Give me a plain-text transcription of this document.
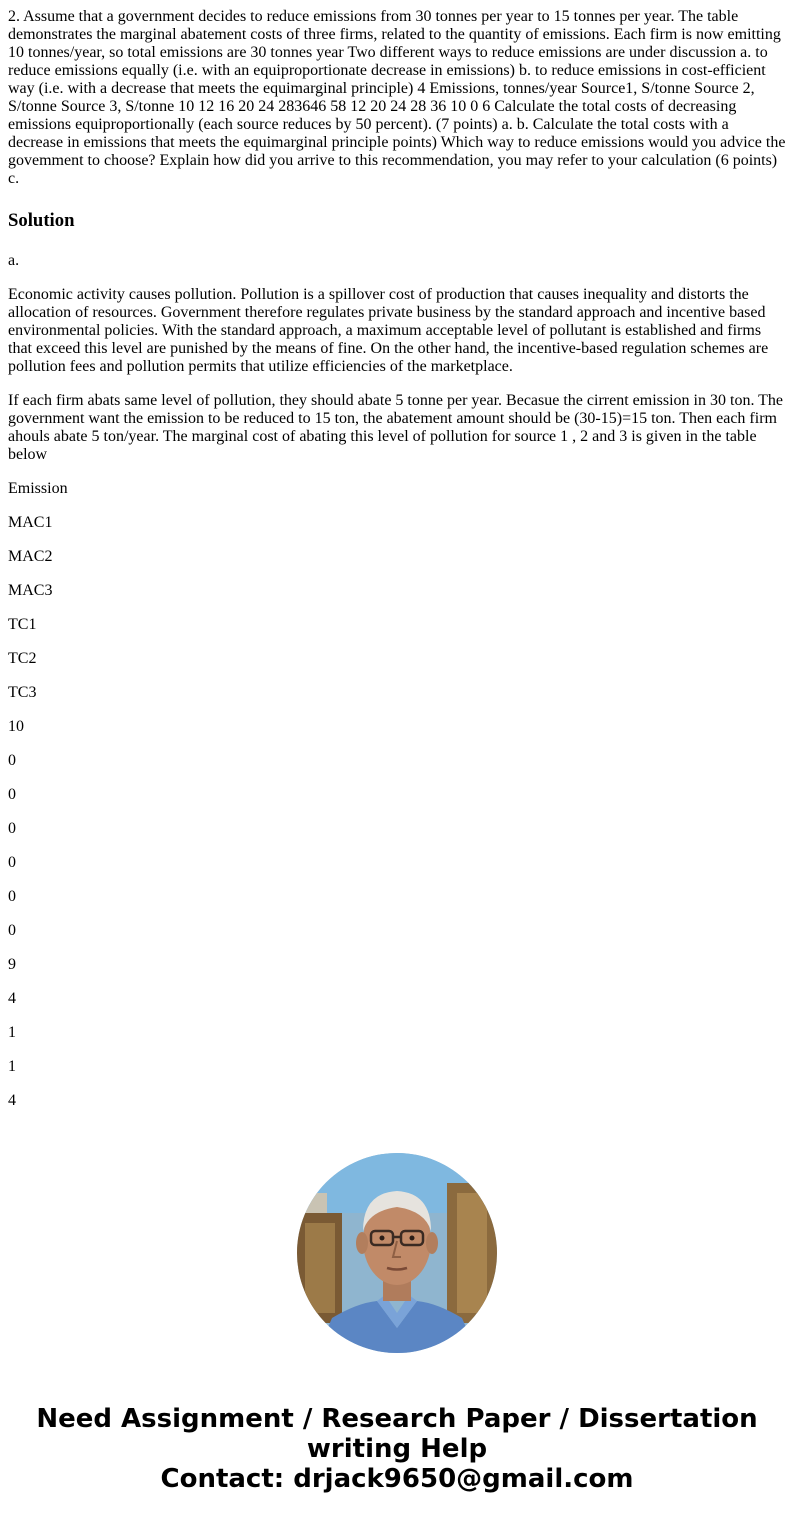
2. Assume that a government decides to reduce emissions from 30 tonnes per year to 15 tonnes per year. The table demonstrates the marginal abatement costs of three firms, related to the quantity of emissions. Each firm is now emitting 10 tonnes/year, so total emissions are 30 tonnes year Two different ways to reduce emissions are under discussion a. to reduce emissions equally (i.e. with an equiproportionate decrease in emissions) b. to reduce emissions in cost-efficient way (i.e. with a decrease that meets the equimarginal principle) 4 Emissions, tonnes/year Source1, S/tonne Source 2, S/tonne Source 3, S/tonne 10 12 16 20 24 283646 58 12 20 24 28 36 10 0 6 Calculate the total costs of decreasing emissions equiproportionally (each source reduces by 50 percent). (7 points) a. b. Calculate the total costs with a decrease in emissions that meets the equimarginal principle points) Which way to reduce emissions would you advice the govemment to choose? Explain how did you arrive to this recommendation, you may refer to your calculation (6 points) c.
Solution
a.
Economic activity causes pollution. Pollution is a spillover cost of production that causes inequality and distorts the allocation of resources. Government therefore regulates private business by the standard approach and incentive based environmental policies. With the standard approach, a maximum acceptable level of pollutant is established and firms that exceed this level are punished by the means of fine. On the other hand, the incentive-based regulation schemes are pollution fees and pollution permits that utilize efficiencies of the marketplace.
If each firm abats same level of pollution, they should abate 5 tonne per year. Becasue the cirrent emission in 30 ton. The government want the emission to be reduced to 15 ton, the abatement amount should be (30-15)=15 ton. Then each firm ahouls abate 5 ton/year. The marginal cost of abating this level of pollution for source 1 , 2 and 3 is given in the table below
Emission
MAC1
MAC2
MAC3
TC1
TC2
TC3
10
0
0
0
0
0
0
9
4
1
1
4
Need Assignment / Research Paper / Dissertation
writing Help
Contact: drjack9650@gmail.com
